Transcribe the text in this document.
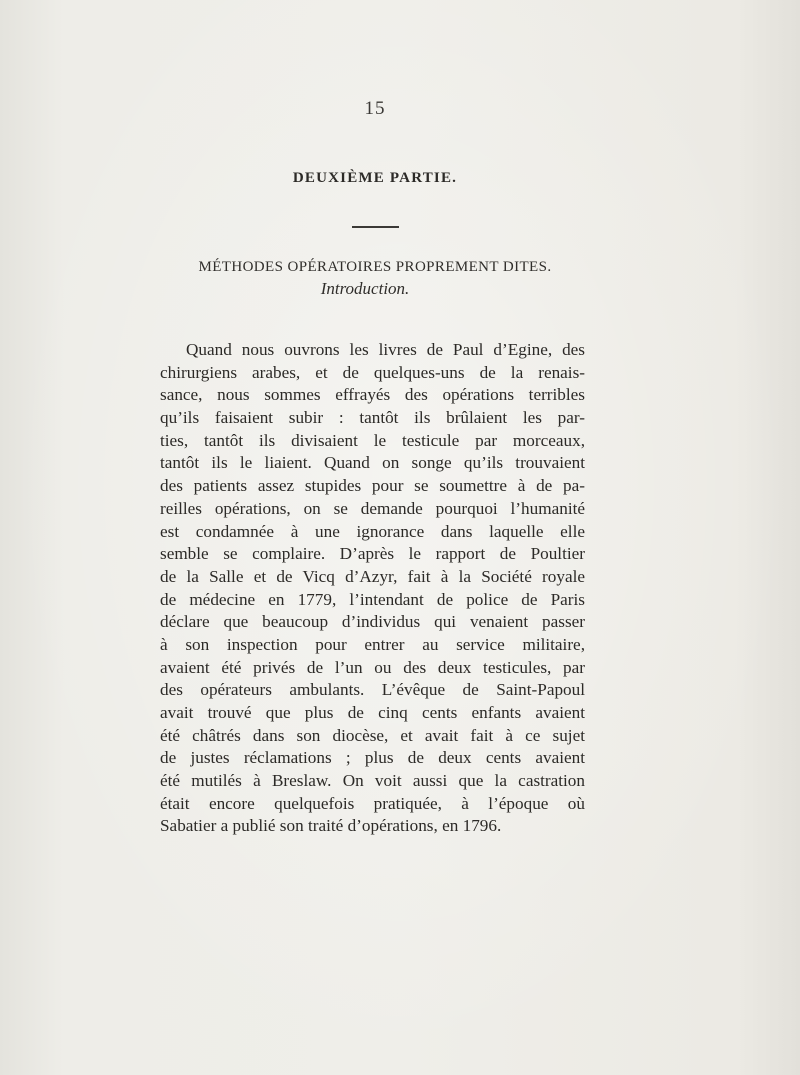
15
DEUXIÈME PARTIE.
MÉTHODES OPÉRATOIRES PROPREMENT DITES.
Introduction.
Quand nous ouvrons les livres de Paul d’Egine, des
chirurgiens arabes, et de quelques-uns de la renais-
sance, nous sommes effrayés des opérations terribles
qu’ils faisaient subir : tantôt ils brûlaient les par-
ties, tantôt ils divisaient le testicule par morceaux,
tantôt ils le liaient. Quand on songe qu’ils trouvaient
des patients assez stupides pour se soumettre à de pa-
reilles opérations, on se demande pourquoi l’humanité
est condamnée à une ignorance dans laquelle elle
semble se complaire. D’après le rapport de Poultier
de la Salle et de Vicq d’Azyr, fait à la Société royale
de médecine en 1779, l’intendant de police de Paris
déclare que beaucoup d’individus qui venaient passer
à son inspection pour entrer au service militaire,
avaient été privés de l’un ou des deux testicules, par
des opérateurs ambulants. L’évêque de Saint-Papoul
avait trouvé que plus de cinq cents enfants avaient
été châtrés dans son diocèse, et avait fait à ce sujet
de justes réclamations ; plus de deux cents avaient
été mutilés à Breslaw. On voit aussi que la castration
était encore quelquefois pratiquée, à l’époque où
Sabatier a publié son traité d’opérations, en 1796.
